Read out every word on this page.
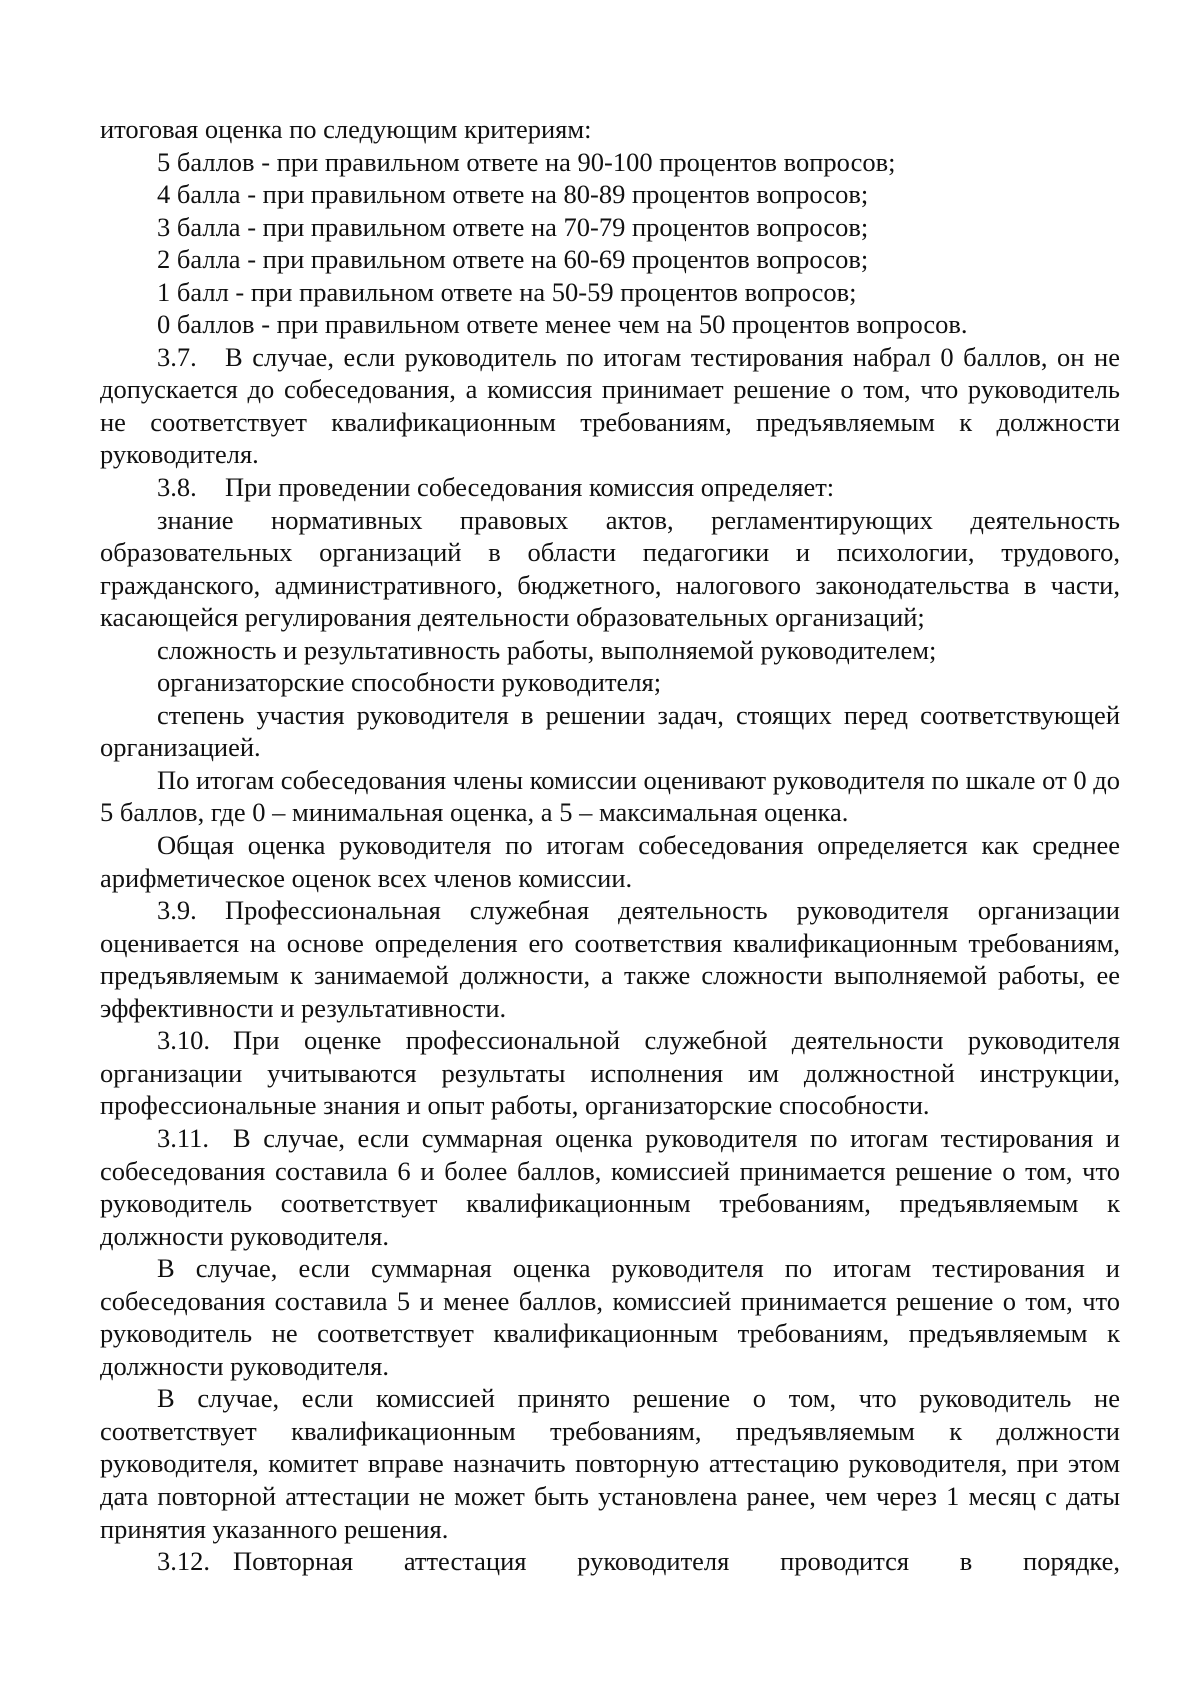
итоговая оценка по следующим критериям:

5 баллов - при правильном ответе на 90-100 процентов вопросов;

4 балла - при правильном ответе на 80-89 процентов вопросов;

3 балла - при правильном ответе на 70-79 процентов вопросов;

2 балла - при правильном ответе на 60-69 процентов вопросов;

1 балл - при правильном ответе на 50-59 процентов вопросов;

0 баллов - при правильном ответе менее чем на 50 процентов вопросов.

3.7. В случае, если руководитель по итогам тестирования набрал 0 баллов, он не допускается до собеседования, а комиссия принимает решение о том, что руководитель не соответствует квалификационным требованиям, предъявляемым к должности руководителя.

3.8. При проведении собеседования комиссия определяет:

знание нормативных правовых актов, регламентирующих деятельность образовательных организаций в области педагогики и психологии, трудового, гражданского, административного, бюджетного, налогового законодательства в части, касающейся регулирования деятельности образовательных организаций;

сложность и результативность работы, выполняемой руководителем;

организаторские способности руководителя;

степень участия руководителя в решении задач, стоящих перед соответствующей организацией.

По итогам собеседования члены комиссии оценивают руководителя по шкале от 0 до 5 баллов, где 0 – минимальная оценка, а 5 – максимальная оценка.

Общая оценка руководителя по итогам собеседования определяется как среднее арифметическое оценок всех членов комиссии.

3.9. Профессиональная служебная деятельность руководителя организации оценивается на основе определения его соответствия квалификационным требованиям, предъявляемым к занимаемой должности, а также сложности выполняемой работы, ее эффективности и результативности.

3.10. При оценке профессиональной служебной деятельности руководителя организации учитываются результаты исполнения им должностной инструкции, профессиональные знания и опыт работы, организаторские способности.

3.11. В случае, если суммарная оценка руководителя по итогам тестирования и собеседования составила 6 и более баллов, комиссией принимается решение о том, что руководитель соответствует квалификационным требованиям, предъявляемым к должности руководителя.

В случае, если суммарная оценка руководителя по итогам тестирования и собеседования составила 5 и менее баллов, комиссией принимается решение о том, что руководитель не соответствует квалификационным требованиям, предъявляемым к должности руководителя.

В случае, если комиссией принято решение о том, что руководитель не соответствует квалификационным требованиям, предъявляемым к должности руководителя, комитет вправе назначить повторную аттестацию руководителя, при этом дата повторной аттестации не может быть установлена ранее, чем через 1 месяц с даты принятия указанного решения.

3.12. Повторная аттестация руководителя проводится в порядке,
